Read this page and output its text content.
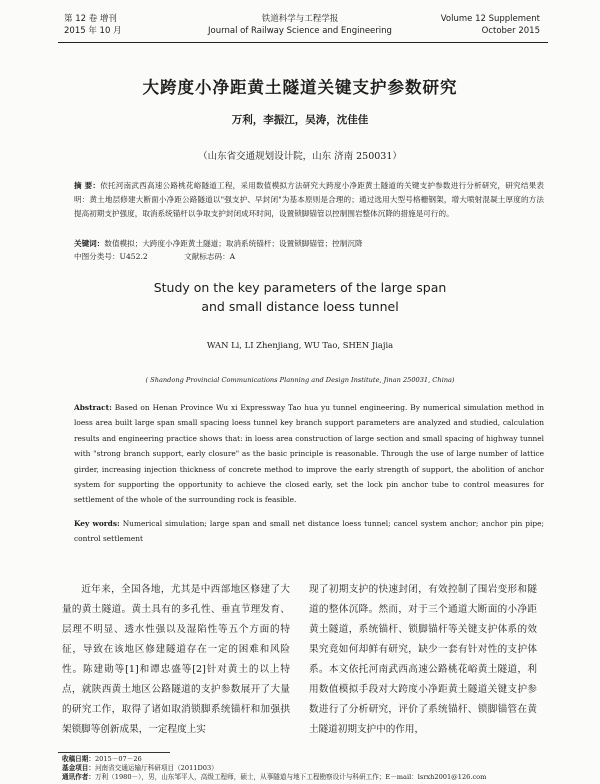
第 12 卷 增刊
2015 年 10 月
铁道科学与工程学报
Journal of Railway Science and Engineering
Volume 12 Supplement
October 2015
大跨度小净距黄土隧道关键支护参数研究
万利，李振江，吴涛，沈佳佳
（山东省交通规划设计院，山东 济南 250031）
摘 要：依托河南武西高速公路桃花峪隧道工程，采用数值模拟方法研究大跨度小净距黄土隧道的关键支护参数进行分析研究，研究结果表明：黄土地层修建大断面小净距公路隧道以"强支护、早封闭"为基本原则是合理的；通过选用大型号格栅钢架，增大喷射混凝土厚度的方法提高初期支护强度，取消系统锚杆以争取支护封闭成环时间，设置锁脚锚管以控制围岩整体沉降的措施是可行的。
关键词：数值模拟；大跨度小净距黄土隧道；取消系统锚杆；设置锁脚锚管；控制沉降
中图分类号：U452.2	文献标志码：A
Study on the key parameters of the large span
and small distance loess tunnel
WAN Li, LI Zhenjiang, WU Tao, SHEN Jiajia
( Shandong Provincial Communications Planning and Design Institute, Jinan 250031, China)
Abstract: Based on Henan Province Wu xi Expressway Tao hua yu tunnel engineering. By numerical simulation method in loess area built large span small spacing loess tunnel key branch support parameters are analyzed and studied, calculation results and engineering practice shows that: in loess area construction of large section and small spacing of highway tunnel with "strong branch support, early closure" as the basic principle is reasonable. Through the use of large number of lattice girder, increasing injection thickness of concrete method to improve the early strength of support, the abolition of anchor system for supporting the opportunity to achieve the closed early, set the lock pin anchor tube to control measures for settlement of the whole of the surrounding rock is feasible.
Key words: Numerical simulation; large span and small net distance loess tunnel; cancel system anchor; anchor pin pipe; control settlement

近年来，全国各地，尤其是中西部地区修建了大量的黄土隧道。黄土具有的多孔性、垂直节理发育、层理不明显、透水性强以及湿陷性等五个方面的特征，导致在该地区修建隧道存在一定的困难和风险性。陈建勋等[1]和谭忠盛等[2]针对黄土的以上特点，就陕西黄土地区公路隧道的支护参数展开了大量的研究工作，取得了诸如取消锁脚系统锚杆和加强拱架锁脚等创新成果，一定程度上实

现了初期支护的快速封闭，有效控制了围岩变形和隧道的整体沉降。然而，对于三个通道大断面的小净距黄土隧道，系统锚杆、锁脚锚杆等关键支护体系的效果究竟如何却鲜有研究，缺少一套有针对性的支护体系。本文依托河南武西高速公路桃花峪黄土隧道，利用数值模拟手段对大跨度小净距黄土隧道关键支护参数进行了分析研究，评价了系统锚杆、锁脚锚管在黄土隧道初期支护中的作用，

收稿日期：2015－07－26
基金项目：河南省交通运输厅科研项目（2011D03）
通讯作者：万利（1980－），男，山东邹平人，高级工程师，硕士，从事隧道与地下工程勘察设计与科研工作；E－mail：lsrxh2001@126.com
